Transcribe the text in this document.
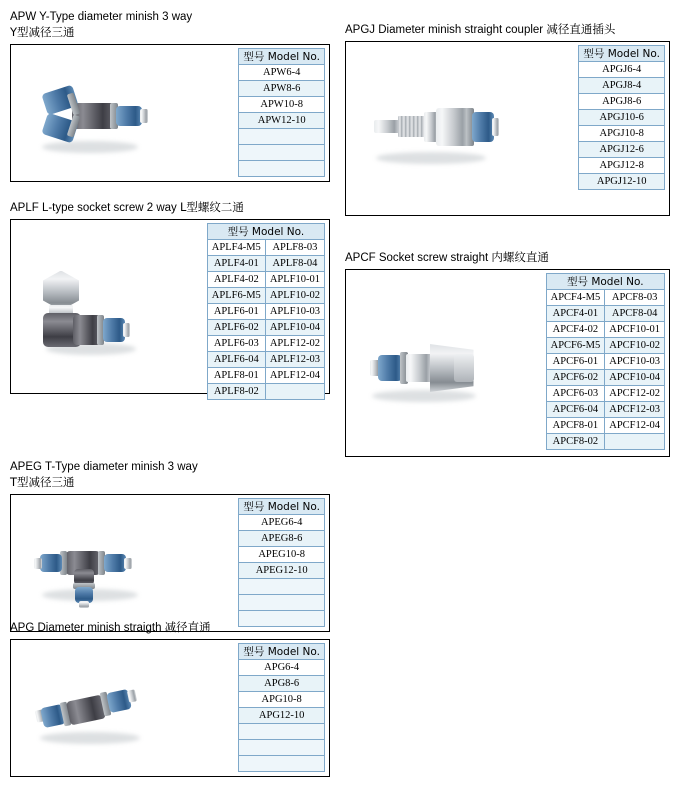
APW Y-Type diameter minish 3 way
Y型减径三通
型号 Model No.
APW6-4
APW8-6
APW10-8
APW12-10

APGJ Diameter minish straight coupler 减径直通插头
型号 Model No.
APGJ6-4
APGJ8-4
APGJ8-6
APGJ10-6
APGJ10-8
APGJ12-6
APGJ12-8
APGJ12-10
APLF L-type socket screw 2 way L型螺纹二通
型号 Model No.	
APLF4-M5	APLF8-03
APLF4-01	APLF8-04
APLF4-02	APLF10-01
APLF6-M5	APLF10-02
APLF6-01	APLF10-03
APLF6-02	APLF10-04
APLF6-03	APLF12-02
APLF6-04	APLF12-03
APLF8-01	APLF12-04
APLF8-02	
APCF Socket screw straight 内螺纹直通
型号 Model No.	
APCF4-M5	APCF8-03
APCF4-01	APCF8-04
APCF4-02	APCF10-01
APCF6-M5	APCF10-02
APCF6-01	APCF10-03
APCF6-02	APCF10-04
APCF6-03	APCF12-02
APCF6-04	APCF12-03
APCF8-01	APCF12-04
APCF8-02	
APEG T-Type diameter minish 3 way
T型减径三通
型号 Model No.
APEG6-4
APEG8-6
APEG10-8
APEG12-10

APG Diameter minish straigth 减径直通
型号 Model No.
APG6-4
APG8-6
APG10-8
APG12-10
